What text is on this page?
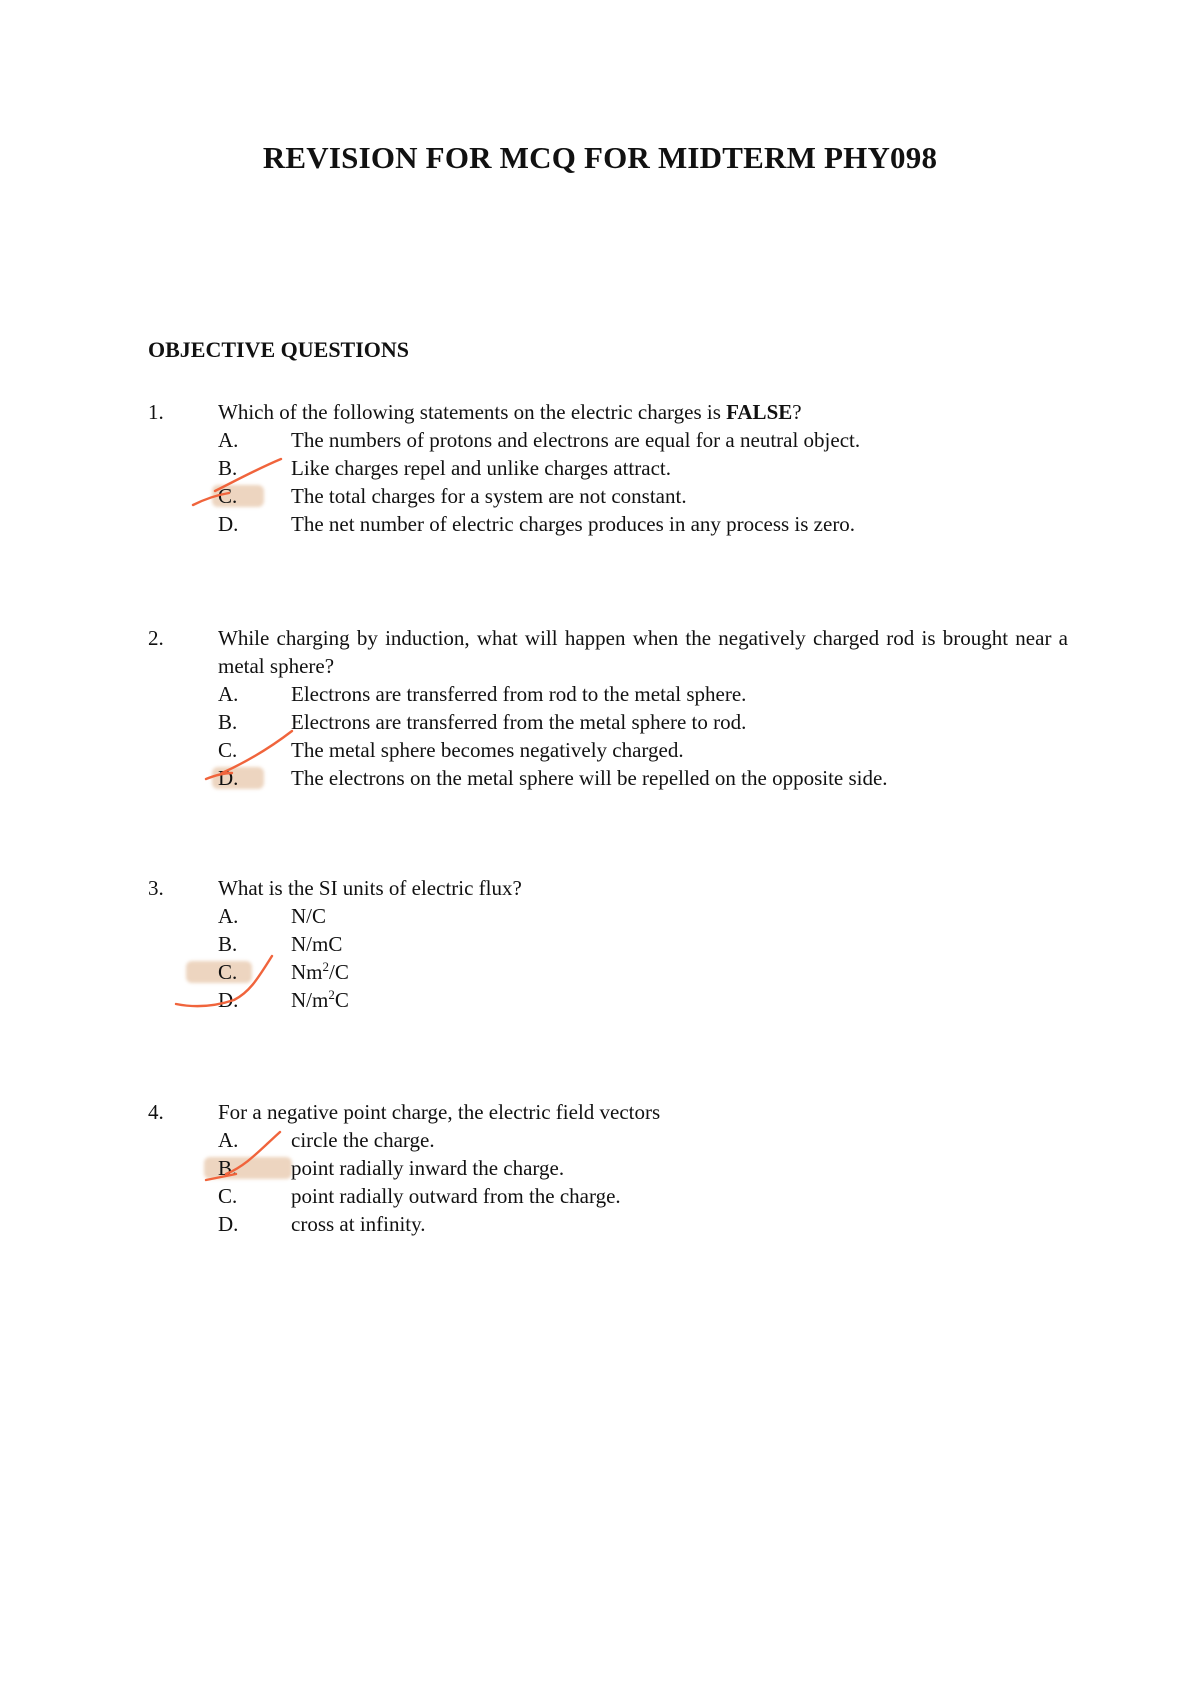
REVISION FOR MCQ FOR MIDTERM PHY098
OBJECTIVE QUESTIONS
1.	Which of the following statements on the electric charges is FALSE?
A.	The numbers of protons and electrons are equal for a neutral object.
B.	Like charges repel and unlike charges attract.
C.	The total charges for a system are not constant.
D.	The net number of electric charges produces in any process is zero.
2.	While charging by induction, what will happen when the negatively charged rod is brought near a metal sphere?
A.	Electrons are transferred from rod to the metal sphere.
B.	Electrons are transferred from the metal sphere to rod.
C.	The metal sphere becomes negatively charged.
D.	The electrons on the metal sphere will be repelled on the opposite side.
3.	What is the SI units of electric flux?
A.	N/C
B.	N/mC
C.	Nm$^2$/C
D.	$N/m^2C$
4.	For a negative point charge, the electric field vectors
A.	circle the charge.
B.	point radially inward the charge.
C.	point radially outward from the charge.
D.	cross at infinity.
